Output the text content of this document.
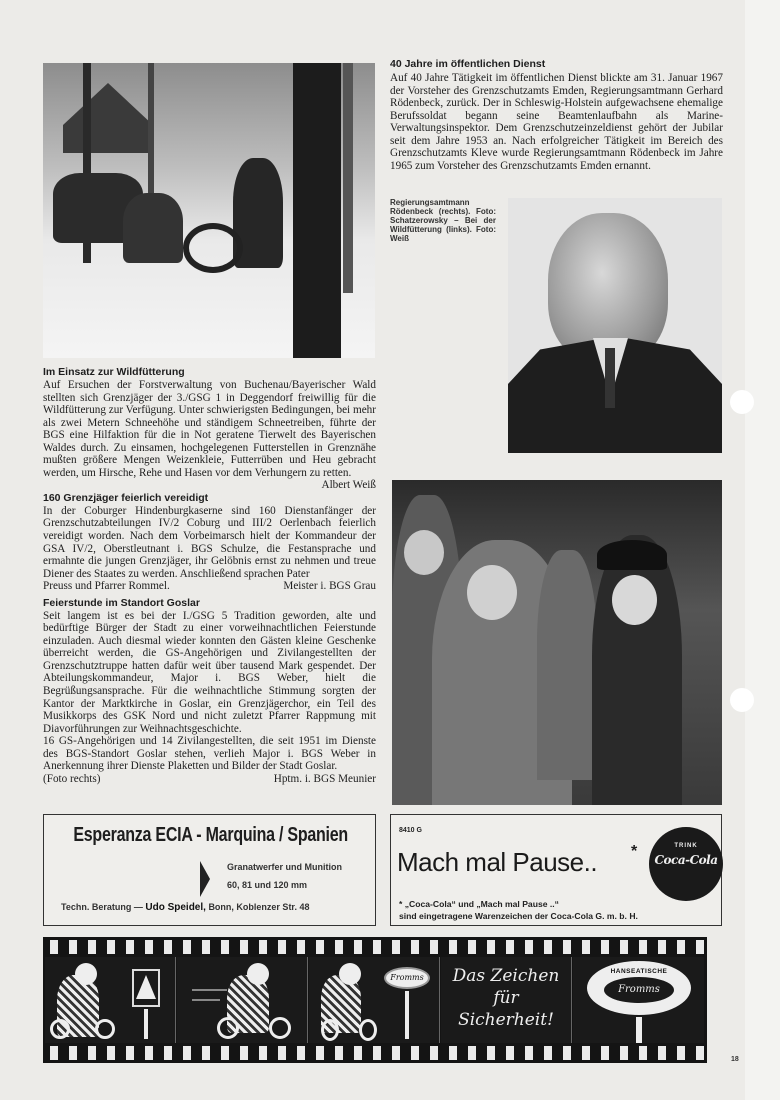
40 Jahre im öffentlichen Dienst
Auf 40 Jahre Tätigkeit im öffentlichen Dienst blickte am 31. Januar 1967 der Vorsteher des Grenzschutzamts Emden, Regierungsamtmann Gerhard Rödenbeck, zurück. Der in Schleswig-Holstein aufgewachsene ehemalige Berufssoldat begann seine Beamtenlaufbahn als Marine-Verwaltungsinspektor. Dem Grenzschutzeinzeldienst gehört der Jubilar seit dem Jahre 1953 an. Nach erfolgreicher Tätigkeit im Bereich des Grenzschutzamts Kleve wurde Regierungsamtmann Rödenbeck im Jahre 1965 zum Vorsteher des Grenzschutzamts Emden ernannt.
Regierungsamtmann Rödenbeck (rechts). Foto: Schatzerowsky – Bei der Wildfütterung (links). Foto: Weiß
Im Einsatz zur Wildfütterung
Auf Ersuchen der Forstverwaltung von Buchenau/Bayerischer Wald stellten sich Grenzjäger der 3./GSG 1 in Deggendorf freiwillig für die Wildfütterung zur Verfügung. Unter schwierigsten Bedingungen, bei mehr als zwei Metern Schneehöhe und ständigem Schneetreiben, führte der BGS eine Hilfaktion für die in Not geratene Tierwelt des Bayerischen Waldes durch. Zu einsamen, hochgelegenen Futterstellen in Grenznähe mußten größere Mengen Weizenkleie, Futterrüben und Heu gebracht werden, um Hirsche, Rehe und Hasen vor dem Verhungern zu retten.
Albert Weiß
160 Grenzjäger feierlich vereidigt
In der Coburger Hindenburgkaserne sind 160 Dienstanfänger der Grenzschutzabteilungen IV/2 Coburg und III/2 Oerlenbach feierlich vereidigt worden. Nach dem Vorbeimarsch hielt der Kommandeur der GSA IV/2, Oberstleutnant i. BGS Schulze, die Festansprache und ermahnte die jungen Grenzjäger, ihr Gelöbnis ernst zu nehmen und treue Diener des Staates zu werden. Anschließend sprachen Pater
Preuss und Pfarrer Rommel.	Meister i. BGS Grau
Feierstunde im Standort Goslar
Seit langem ist es bei der I./GSG 5 Tradition geworden, alte und bedürftige Bürger der Stadt zu einer vorweihnachtlichen Feierstunde einzuladen. Auch diesmal wieder konnten den Gästen kleine Geschenke überreicht werden, die GS-Angehörigen und Zivilangestellten der Grenzschutztruppe hatten dafür weit über tausend Mark gespendet. Der Abteilungskommandeur, Major i. BGS Weber, hielt die Begrüßungsansprache. Für die weihnachtliche Stimmung sorgten der Kantor der Marktkirche in Goslar, ein Grenzjägerchor, ein Teil des Musikkorps des GSK Nord und nicht zuletzt Pfarrer Rappmung mit Diavorführungen zur Weihnachtsgeschichte.
16 GS-Angehörigen und 14 Zivilangestellten, die seit 1951 im Dienste des BGS-Standort Goslar stehen, verlieh Major i. BGS Weber in Anerkennung ihrer Dienste Plaketten und Bilder der Stadt Goslar.
(Foto rechts)	Hptm. i. BGS Meunier
Esperanza ECIA - Marquina / Spanien
Granatwerfer und Munition
60, 81 und 120 mm
Techn. Beratung — Udo Speidel, Bonn, Koblenzer Str. 48
8410 G
Mach mal Pause.. *	TRINK
Coca-Cola
* „Coca-Cola“ und „Mach mal Pause ..“
sind eingetragene Warenzeichen der Coca-Cola G. m. b. H.
Fromms	Das Zeichen
für
Sicherheit!
HANSEATISCHE
Fromms
18
